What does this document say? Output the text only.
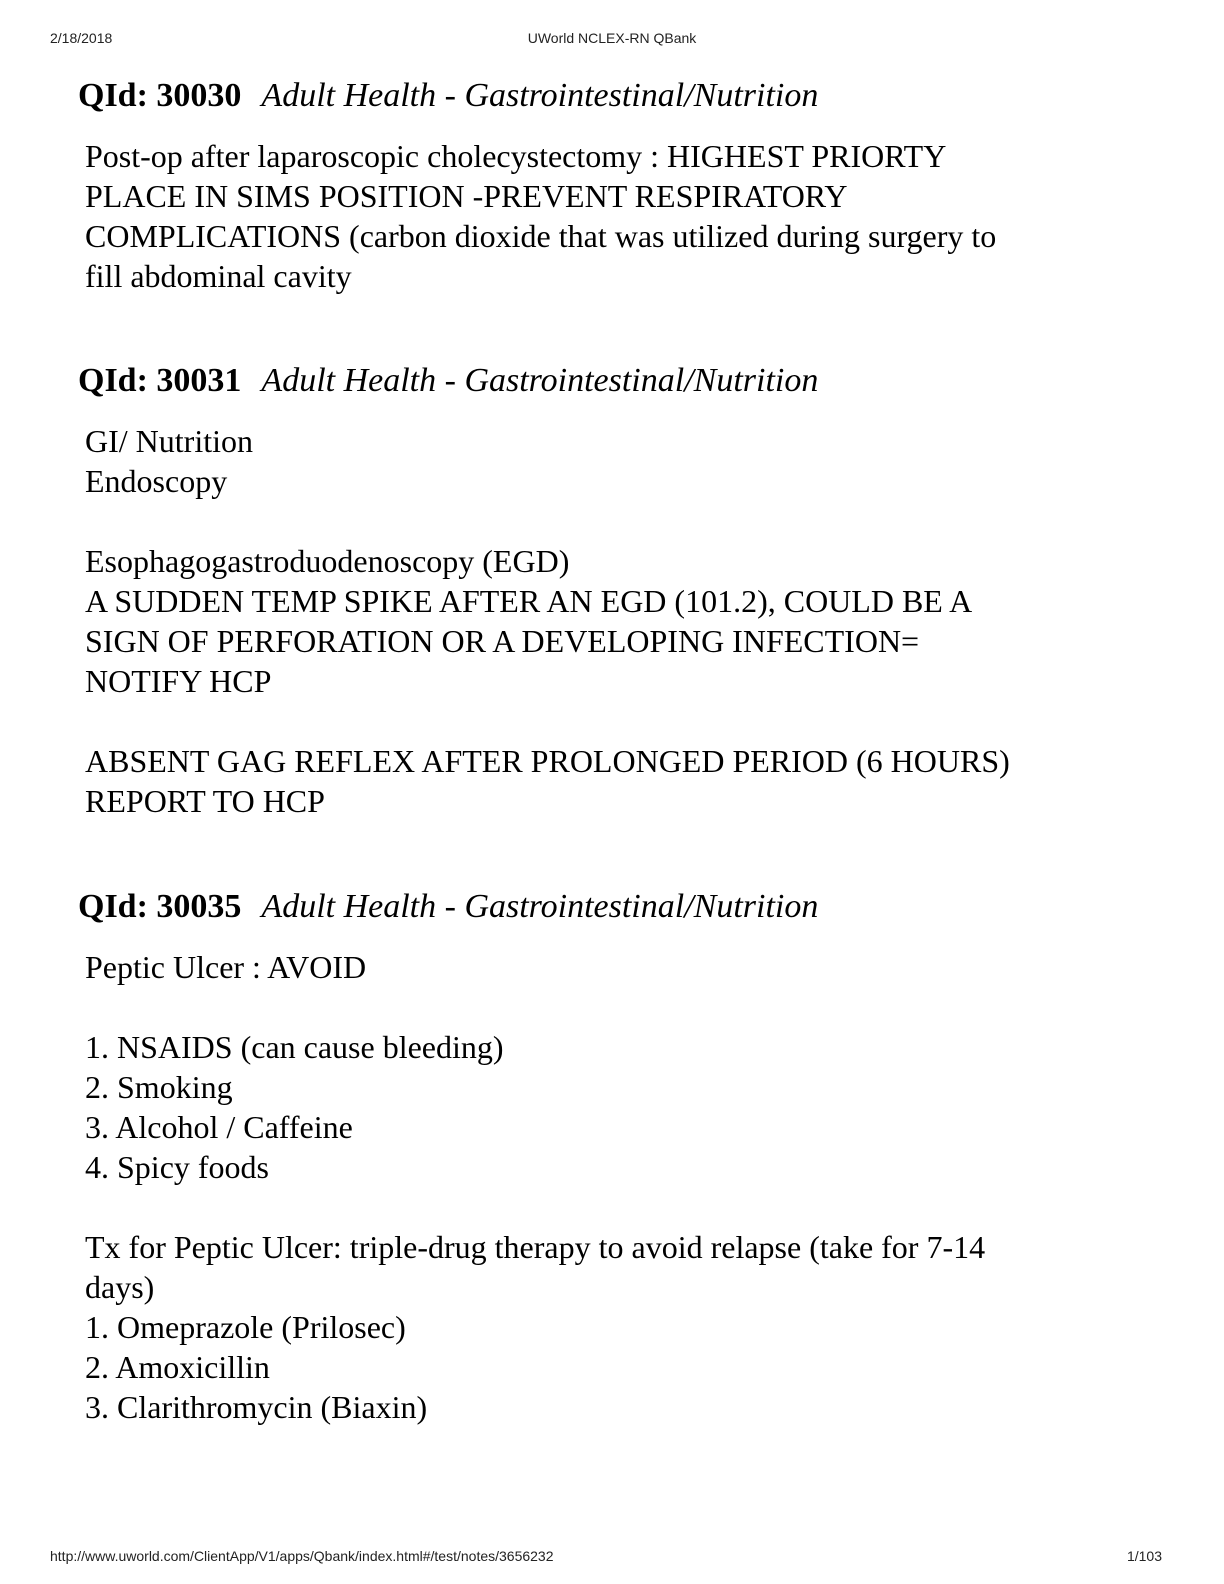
2/18/2018	UWorld NCLEX-RN QBank
QId: 30030 Adult Health - Gastrointestinal/Nutrition
Post-op after laparoscopic cholecystectomy : HIGHEST PRIORTY
PLACE IN SIMS POSITION -PREVENT RESPIRATORY
COMPLICATIONS (carbon dioxide that was utilized during surgery to
fill abdominal cavity
QId: 30031 Adult Health - Gastrointestinal/Nutrition
GI/ Nutrition
Endoscopy
Esophagogastroduodenoscopy (EGD)
A SUDDEN TEMP SPIKE AFTER AN EGD (101.2), COULD BE A
SIGN OF PERFORATION OR A DEVELOPING INFECTION=
NOTIFY HCP
ABSENT GAG REFLEX AFTER PROLONGED PERIOD (6 HOURS)
REPORT TO HCP
QId: 30035 Adult Health - Gastrointestinal/Nutrition
Peptic Ulcer : AVOID
1. NSAIDS (can cause bleeding)
2. Smoking
3. Alcohol / Caffeine
4. Spicy foods
Tx for Peptic Ulcer: triple-drug therapy to avoid relapse (take for 7-14
days)
1. Omeprazole (Prilosec)
2. Amoxicillin
3. Clarithromycin (Biaxin)
http://www.uworld.com/ClientApp/V1/apps/Qbank/index.html#/test/notes/3656232	1/103
